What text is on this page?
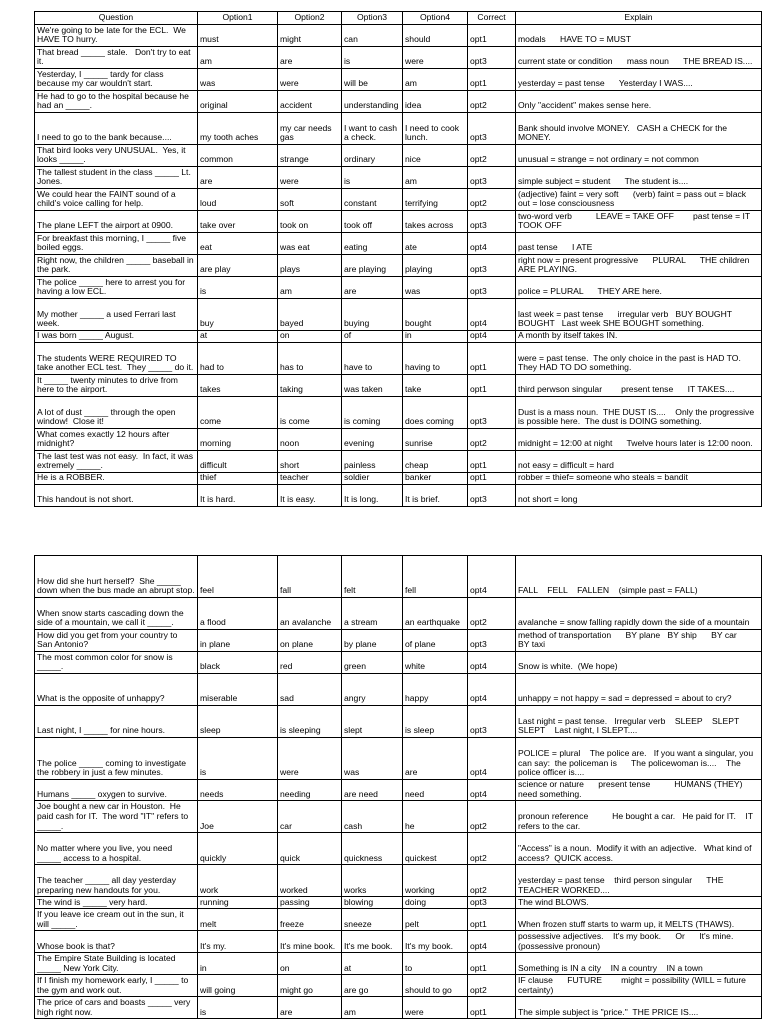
Question	Option1	Option2	Option3	Option4	Correct	Explain
We're going to be late for the ECL.  We HAVE TO hurry.	must	might	can	should	opt1	modals      HAVE TO = MUST
That bread _____ stale.   Don't try to eat it.	am	are	is	were	opt3	current state or condition      mass noun      THE BREAD IS....
Yesterday, I _____ tardy for class because my car wouldn't start.	was	were	will be	am	opt1	yesterday = past tense      Yesterday I WAS....
He had to go to the hospital because he had an _____.	original	accident	understanding	idea	opt2	Only "accident" makes sense here.
I need to go to the bank because....	my tooth aches	my car needs gas	I want to cash a check.	I need to cook lunch.	opt3	Bank should involve MONEY.   CASH a CHECK for the MONEY.
That bird looks very UNUSUAL.  Yes, it looks _____.	common	strange	ordinary	nice	opt2	unusual = strange = not ordinary = not common
The tallest student in the class _____ Lt. Jones.	are	were	is	am	opt3	simple subject = student      The student is....
We could hear the FAINT sound of a child's voice calling for help.	loud	soft	constant	terrifying	opt2	(adjective) faint = very soft      (verb) faint = pass out = black out = lose consciousness
The plane LEFT the airport at 0900.	take over	took on	took off	takes across	opt3	two-word verb          LEAVE = TAKE OFF        past tense = IT TOOK OFF
For breakfast this morning, I _____ five boiled eggs.	eat	was eat	eating	ate	opt4	past tense      I ATE
Right now, the children _____ baseball in the park.	are play	plays	are playing	playing	opt3	right now = present progressive      PLURAL      THE children ARE PLAYING.
The police _____ here to arrest you for having a low ECL.	is	am	are	was	opt3	police = PLURAL      THEY ARE here.
My mother _____ a used Ferrari last week.	buy	bayed	buying	bought	opt4	last week = past tense      irregular verb   BUY BOUGHT   BOUGHT   Last week SHE BOUGHT something.
I was born _____ August.	at	on	of	in	opt4	A month by itself takes IN.
The students WERE REQUIRED TO take another ECL test.  They _____ do it.	had to	has to	have to	having to	opt1	were = past tense.  The only choice in the past is HAD TO.  They HAD TO DO something.
It _____ twenty minutes to drive from here to the airport.	takes	taking	was taken	take	opt1	third perwson singular        present tense      IT TAKES....
A lot of dust _____ through the open window!  Close it!	come	is come	is coming	does coming	opt3	Dust is a mass noun.  THE DUST IS....    Only the progressive is possible here.  The dust is DOING something.
What comes exactly 12 hours after midnight?	morning	noon	evening	sunrise	opt2	midnight = 12:00 at night      Twelve hours later is 12:00 noon.
The last test was not easy.  In fact, it was extremely _____.	difficult	short	painless	cheap	opt1	not easy = difficult = hard
He is a ROBBER.	thief	teacher	soldier	banker	opt1	robber = thief= someone who steals = bandit
This handout is not short.	It is hard.	It is easy.	It is long.	It is brief.	opt3	not short = long
How did she hurt herself?  She _____ down when the bus made an abrupt stop.	feel	fall	felt	fell	opt4	FALL    FELL    FALLEN    (simple past = FALL)
When snow starts cascading down the side of a mountain, we call it _____.	a flood	an avalanche	a stream	an earthquake	opt2	avalanche = snow falling rapidly down the side of a mountain
How did you get from your country to San Antonio?	in plane	on plane	by plane	of plane	opt3	method of transportation      BY plane   BY ship      BY car      BY taxi
The most common color for snow is _____.	black	red	green	white	opt4	Snow is white.  (We hope)
What is the opposite of unhappy?	miserable	sad	angry	happy	opt4	unhappy = not happy = sad = depressed = about to cry?
Last night, I _____ for nine hours.	sleep	is sleeping	slept	is sleep	opt3	Last night = past tense.   Irregular verb    SLEEP    SLEPT    SLEPT    Last night, I SLEPT....
The police _____ coming to investigate the robbery in just a few minutes.	is	were	was	are	opt4	POLICE = plural    The police are.   If you want a singular, you can say:  the policeman is      The policewoman is....    The police officer is....
Humans _____ oxygen to survive.	needs	needing	are need	need	opt4	science or nature      present tense          HUMANS (THEY) need something.
Joe bought a new car in Houston.  He paid cash for IT.  The word "IT" refers to _____.	Joe	car	cash	he	opt2	pronoun reference          He bought a car.   He paid for IT.    IT refers to the car.
No matter where you live, you need _____ access to a hospital.	quickly	quick	quickness	quickest	opt2	"Access" is a noun.  Modify it with an adjective.   What kind of access?  QUICK access.
The teacher _____ all day yesterday preparing new handouts for you.	work	worked	works	working	opt2	yesterday = past tense    third person singular      THE TEACHER WORKED....
The wind is _____ very hard.	running	passing	blowing	doing	opt3	The wind BLOWS.
If you leave ice cream out in the sun, it will _____.	melt	freeze	sneeze	pelt	opt1	When frozen stuff starts to warm up, it MELTS (THAWS).
Whose book is that?	It's my.	It's mine book.	It's me book.	It's my book.	opt4	possessive adjectives.    It's my book.      Or      It's mine.  (possessive pronoun)
The Empire State Building is located _____ New York City.	in	on	at	to	opt1	Something is IN a city    IN a country    IN a town
If I finish my homework early, I _____ to the gym and work out.	will going	might go	are go	should to go	opt2	IF clause      FUTURE        might = possibility (WILL = future certainty)
The price of cars and boasts _____ very high right now.	is	are	am	were	opt1	The simple subject is "price."  THE PRICE IS....
